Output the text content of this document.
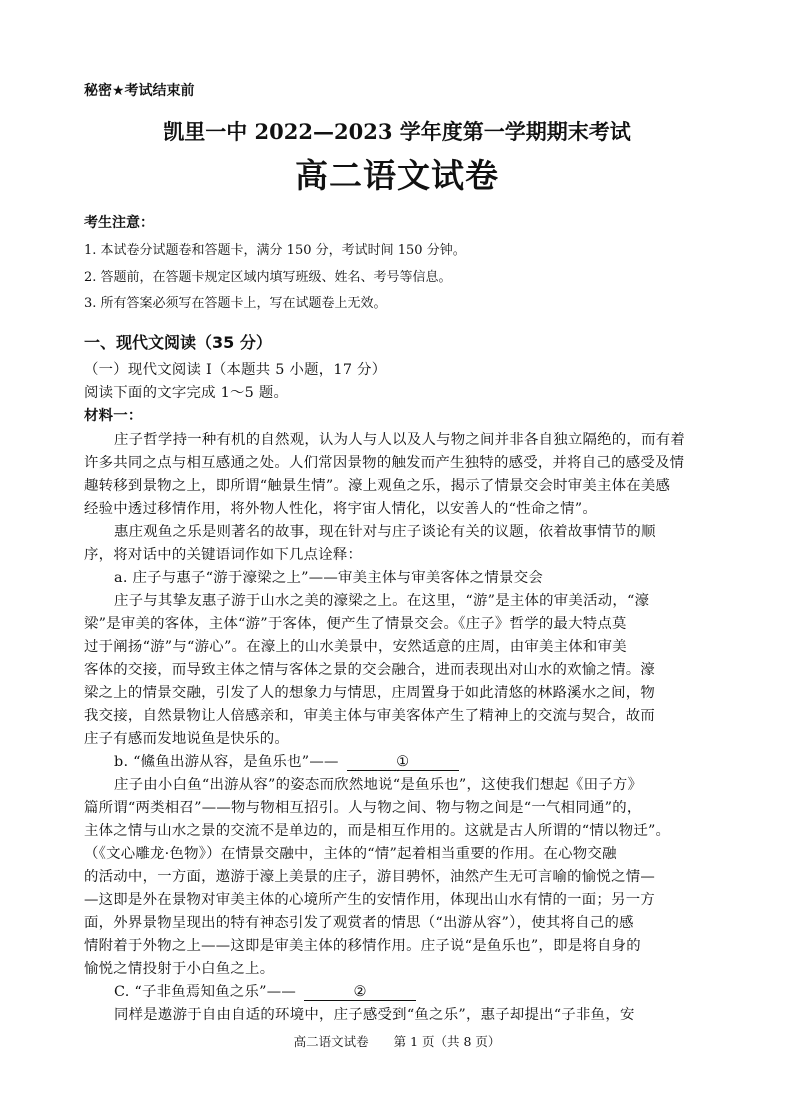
秘密★考试结束前
凯里一中 2022—2023 学年度第一学期期末考试
高二语文试卷
考生注意：
1. 本试卷分试题卷和答题卡，满分 150 分，考试时间 150 分钟。
2. 答题前，在答题卡规定区域内填写班级、姓名、考号等信息。
3. 所有答案必须写在答题卡上，写在试题卷上无效。
一、现代文阅读（35 分）
（一）现代文阅读 I（本题共 5 小题，17 分）
阅读下面的文字完成 1～5 题。
材料一：
庄子哲学持一种有机的自然观，认为人与人以及人与物之间并非各自独立隔绝的，而有着
许多共同之点与相互感通之处。人们常因景物的触发而产生独特的感受，并将自己的感受及情
趣转移到景物之上，即所谓“触景生情”。濠上观鱼之乐，揭示了情景交会时审美主体在美感
经验中透过移情作用，将外物人性化，将宇宙人情化，以安善人的“性命之情”。
惠庄观鱼之乐是则著名的故事，现在针对与庄子谈论有关的议题，依着故事情节的顺
序，将对话中的关键语词作如下几点诠释：
a. 庄子与惠子“游于濠梁之上”——审美主体与审美客体之情景交会
庄子与其挚友惠子游于山水之美的濠梁之上。在这里，“游”是主体的审美活动，“濠
梁”是审美的客体，主体“游”于客体，便产生了情景交会。《庄子》哲学的最大特点莫
过于阐扬“游”与“游心”。在濠上的山水美景中，安然适意的庄周，由审美主体和审美
客体的交接，而导致主体之情与客体之景的交会融合，进而表现出对山水的欢愉之情。濠
梁之上的情景交融，引发了人的想象力与情思，庄周置身于如此清悠的林路溪水之间，物
我交接，自然景物让人倍感亲和，审美主体与审美客体产生了精神上的交流与契合，故而
庄子有感而发地说鱼是快乐的。
b. “鯈鱼出游从容，是鱼乐也”——	①
庄子由小白鱼“出游从容”的姿态而欣然地说“是鱼乐也”，这使我们想起《田子方》
篇所谓“两类相召”——物与物相互招引。人与物之间、物与物之间是“一气相同通”的，
主体之情与山水之景的交流不是单边的，而是相互作用的。这就是古人所谓的“情以物迁”。
（《文心雕龙·色物》）在情景交融中，主体的“情”起着相当重要的作用。在心物交融
的活动中，一方面，遨游于濠上美景的庄子，游目骋怀，油然产生无可言喻的愉悦之情—
—这即是外在景物对审美主体的心境所产生的安情作用，体现出山水有情的一面；另一方
面，外界景物呈现出的特有神态引发了观赏者的情思（“出游从容”），使其将自己的感
情附着于外物之上——这即是审美主体的移情作用。庄子说“是鱼乐也”，即是将自身的
愉悦之情投射于小白鱼之上。
C. “子非鱼焉知鱼之乐”——	②
同样是遨游于自由自适的环境中，庄子感受到“鱼之乐”，惠子却提出“子非鱼，安
高二语文试卷　　第 1 页（共 8 页）
